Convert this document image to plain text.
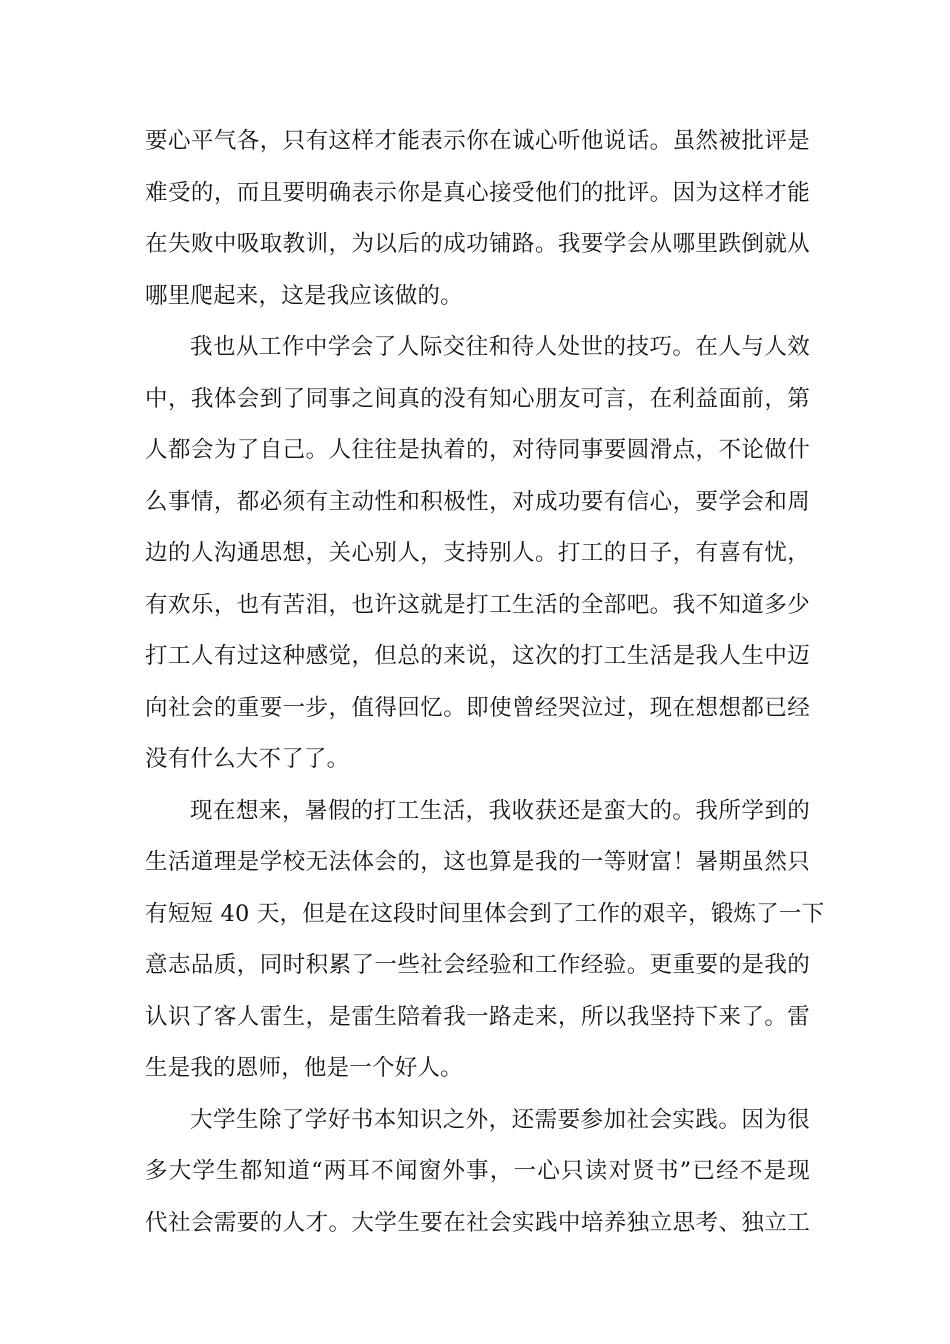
要心平气各，只有这样才能表示你在诚心听他说话。虽然被批评是
难受的，而且要明确表示你是真心接受他们的批评。因为这样才能
在失败中吸取教训，为以后的成功铺路。我要学会从哪里跌倒就从
哪里爬起来，这是我应该做的。
我也从工作中学会了人际交往和待人处世的技巧。在人与人效
中，我体会到了同事之间真的没有知心朋友可言，在利益面前，第
人都会为了自己。人往往是执着的，对待同事要圆滑点，不论做什
么事情，都必须有主动性和积极性，对成功要有信心，要学会和周
边的人沟通思想，关心别人，支持别人。打工的日子，有喜有忧，
有欢乐，也有苦泪，也许这就是打工生活的全部吧。我不知道多少
打工人有过这种感觉，但总的来说，这次的打工生活是我人生中迈
向社会的重要一步，值得回忆。即使曾经哭泣过，现在想想都已经
没有什么大不了了。
现在想来，暑假的打工生活，我收获还是蛮大的。我所学到的
生活道理是学校无法体会的，这也算是我的一等财富！暑期虽然只
有短短 40 天，但是在这段时间里体会到了工作的艰辛，锻炼了一下
意志品质，同时积累了一些社会经验和工作经验。更重要的是我的
认识了客人雷生，是雷生陪着我一路走来，所以我坚持下来了。雷
生是我的恩师，他是一个好人。
大学生除了学好书本知识之外，还需要参加社会实践。因为很
多大学生都知道“两耳不闻窗外事，一心只读对贤书”已经不是现
代社会需要的人才。大学生要在社会实践中培养独立思考、独立工
